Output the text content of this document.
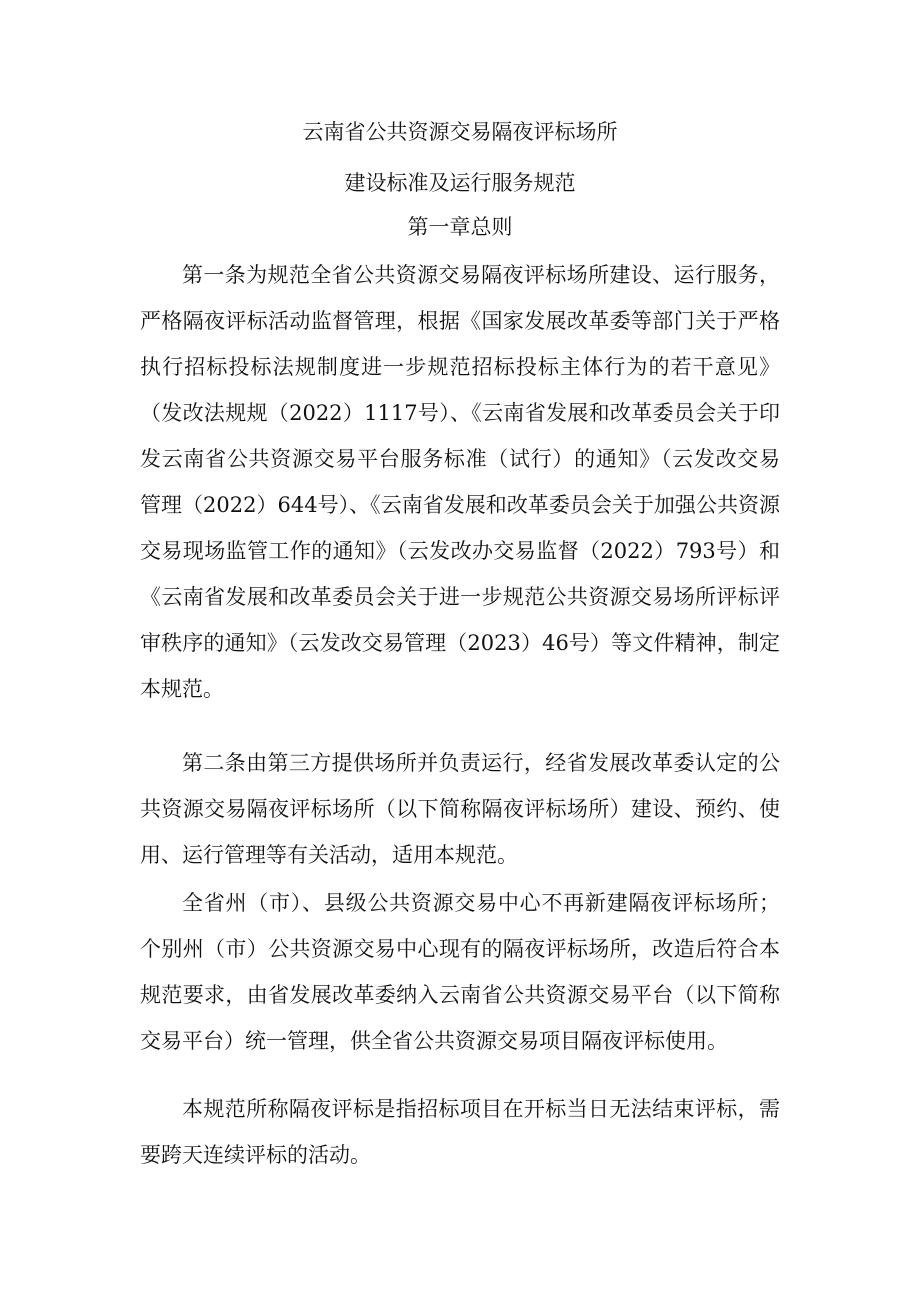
云南省公共资源交易隔夜评标场所
建设标准及运行服务规范
第一章总则

第一条为规范全省公共资源交易隔夜评标场所建设、运行服务，严格隔夜评标活动监督管理，根据《国家发展改革委等部门关于严格执行招标投标法规制度进一步规范招标投标主体行为的若干意见》（发改法规规（2022）1117号）、《云南省发展和改革委员会关于印发云南省公共资源交易平台服务标准（试行）的通知》（云发改交易管理（2022）644号）、《云南省发展和改革委员会关于加强公共资源交易现场监管工作的通知》（云发改办交易监督（2022）793号）和《云南省发展和改革委员会关于进一步规范公共资源交易场所评标评审秩序的通知》（云发改交易管理（2023）46号）等文件精神，制定本规范。

第二条由第三方提供场所并负责运行，经省发展改革委认定的公共资源交易隔夜评标场所（以下简称隔夜评标场所）建设、预约、使用、运行管理等有关活动，适用本规范。

全省州（市）、县级公共资源交易中心不再新建隔夜评标场所；个别州（市）公共资源交易中心现有的隔夜评标场所，改造后符合本规范要求，由省发展改革委纳入云南省公共资源交易平台（以下简称交易平台）统一管理，供全省公共资源交易项目隔夜评标使用。

本规范所称隔夜评标是指招标项目在开标当日无法结束评标，需要跨天连续评标的活动。
